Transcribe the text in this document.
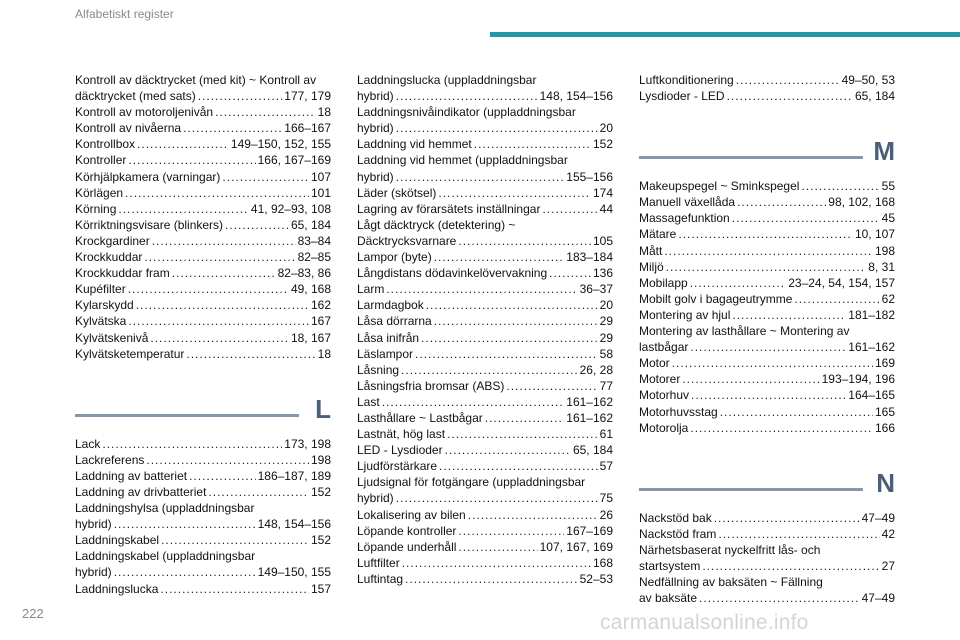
Alfabetiskt register
Kontroll av däcktrycket (med kit) ~ Kontroll av
däcktrycket (med sats) .....	177, 179
Kontroll av motoroljenivån .....	18
Kontroll av nivåerna .....	166–167
Kontrollbox .....	149–150, 152, 155
Kontroller .....	166, 167–169
Körhjälpkamera (varningar) .....	107
Körlägen .....	101
Körning .....	41, 92–93, 108
Körriktningsvisare (blinkers) .....	65, 184
Krockgardiner .....	83–84
Krockkuddar .....	82–85
Krockkuddar fram .....	82–83, 86
Kupéfilter .....	49, 168
Kylarskydd .....	162
Kylvätska .....	167
Kylvätskenivå .....	18, 167
Kylvätsketemperatur .....	18
L
Lack .....	173, 198
Lackreferens .....	198
Laddning av batteriet .....	186–187, 189
Laddning av drivbatteriet .....	152
Laddningshylsa (uppladdningsbar
hybrid) .....	148, 154–156
Laddningskabel .....	152
Laddningskabel (uppladdningsbar
hybrid) .....	149–150, 155
Laddningslucka .....	157
Laddningslucka (uppladdningsbar
hybrid) .....	148, 154–156
Laddningsnivåindikator (uppladdningsbar
hybrid) .....	20
Laddning vid hemmet .....	152
Laddning vid hemmet (uppladdningsbar
hybrid) .....	155–156
Läder (skötsel) .....	174
Lagring av förarsätets inställningar .....	44
Lågt däcktryck (detektering) ~
Däcktrycksvarnare .....	105
Lampor (byte) .....	183–184
Långdistans dödavinkelövervakning .....	136
Larm .....	36–37
Larmdagbok .....	20
Låsa dörrarna .....	29
Låsa inifrån .....	29
Läslampor .....	58
Låsning .....	26, 28
Låsningsfria bromsar (ABS) .....	77
Last .....	161–162
Lasthållare ~ Lastbågar .....	161–162
Lastnät, hög last .....	61
LED - Lysdioder .....	65, 184
Ljudförstärkare .....	57
Ljudsignal för fotgängare (uppladdningsbar
hybrid) .....	75
Lokalisering av bilen .....	26
Löpande kontroller .....	167–169
Löpande underhåll .....	107, 167, 169
Luftfilter .....	168
Luftintag .....	52–53
Luftkonditionering .....	49–50, 53
Lysdioder - LED .....	65, 184
M
Makeupspegel ~ Sminkspegel .....	55
Manuell växellåda .....	98, 102, 168
Massagefunktion .....	45
Mätare .....	10, 107
Mått .....	198
Miljö .....	8, 31
Mobilapp .....	23–24, 54, 154, 157
Mobilt golv i bagageutrymme .....	62
Montering av hjul .....	181–182
Montering av lasthållare ~ Montering av
lastbågar .....	161–162
Motor .....	169
Motorer .....	193–194, 196
Motorhuv .....	164–165
Motorhuvsstag .....	165
Motorolja .....	166
N
Nackstöd bak .....	47–49
Nackstöd fram .....	42
Närhetsbaserat nyckelfritt lås- och
startsystem .....	27
Nedfällning av baksäten ~ Fällning
av baksäte .....	47–49
222	carmanualsonline.info
